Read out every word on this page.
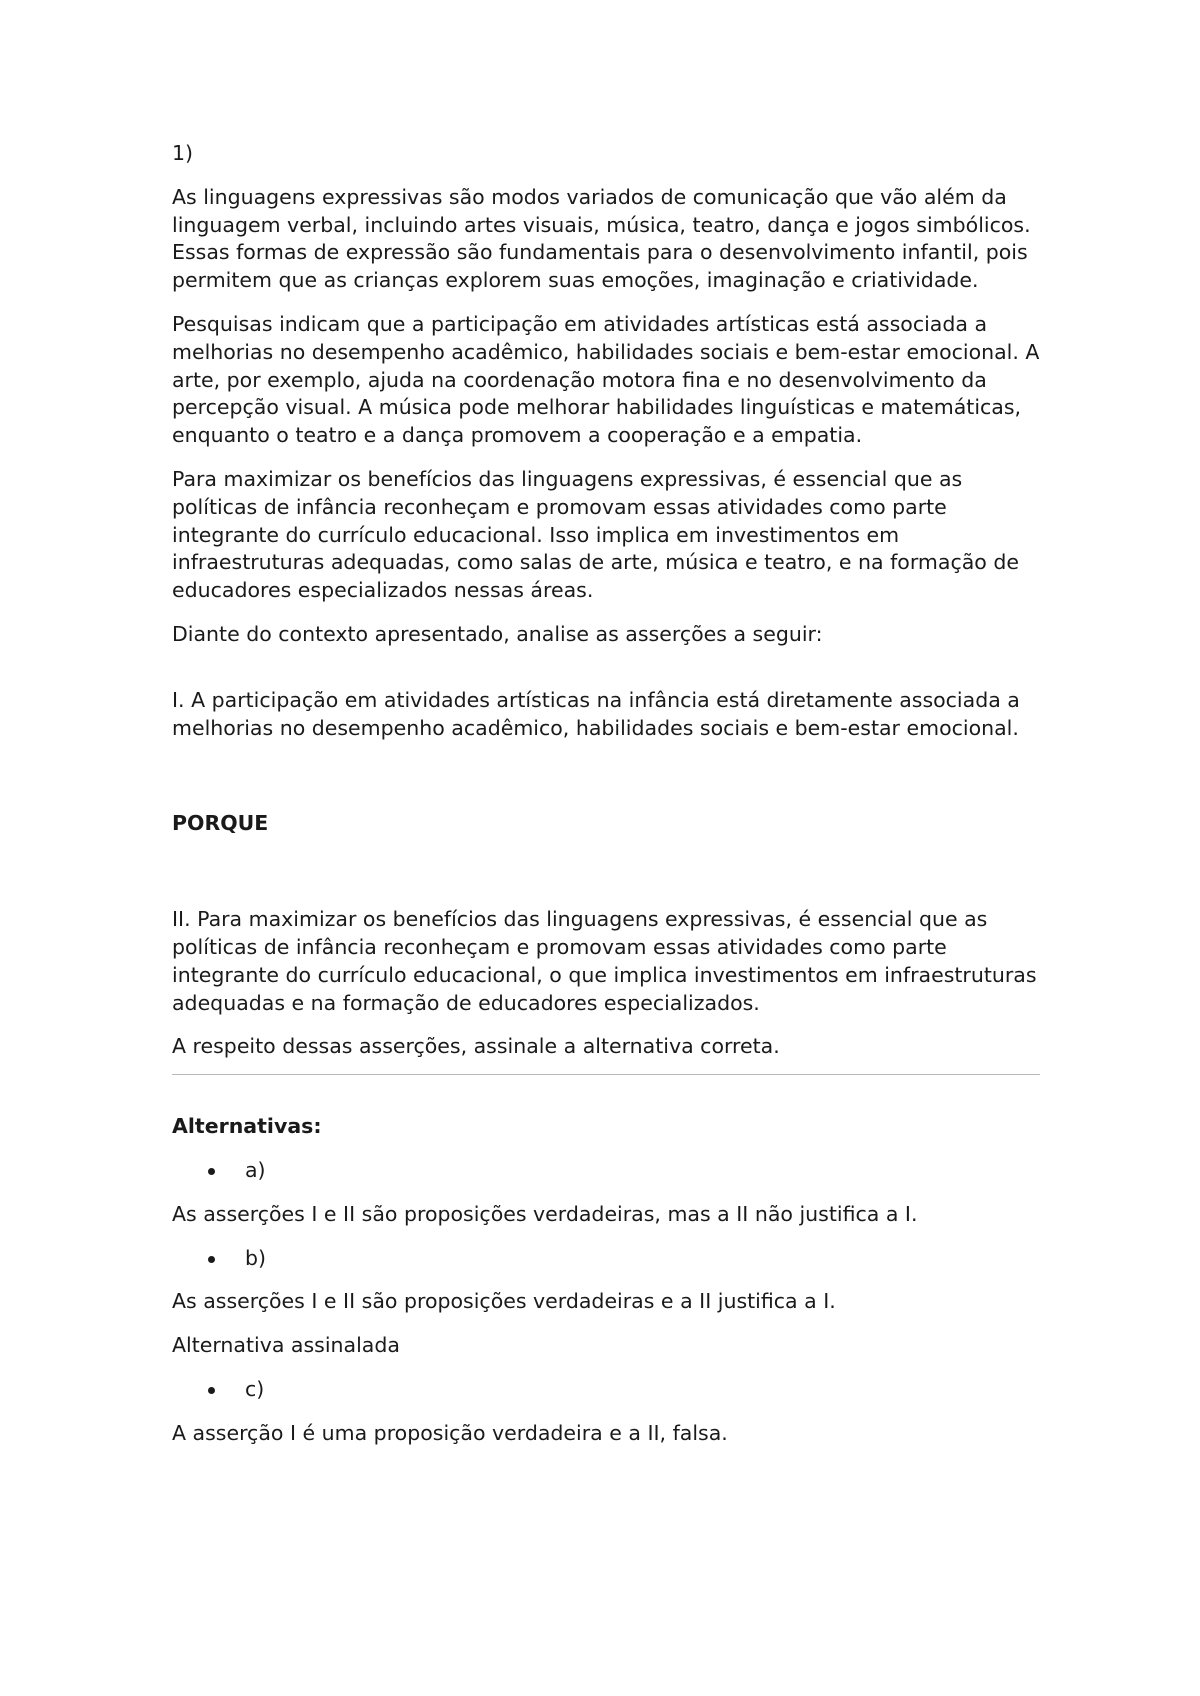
1)

As linguagens expressivas são modos variados de comunicação que vão além da linguagem verbal, incluindo artes visuais, música, teatro, dança e jogos simbólicos. Essas formas de expressão são fundamentais para o desenvolvimento infantil, pois permitem que as crianças explorem suas emoções, imaginação e criatividade.

Pesquisas indicam que a participação em atividades artísticas está associada a melhorias no desempenho acadêmico, habilidades sociais e bem-estar emocional. A arte, por exemplo, ajuda na coordenação motora fina e no desenvolvimento da percepção visual. A música pode melhorar habilidades linguísticas e matemáticas, enquanto o teatro e a dança promovem a cooperação e a empatia.

Para maximizar os benefícios das linguagens expressivas, é essencial que as políticas de infância reconheçam e promovam essas atividades como parte integrante do currículo educacional. Isso implica em investimentos em infraestruturas adequadas, como salas de arte, música e teatro, e na formação de educadores especializados nessas áreas.

Diante do contexto apresentado, analise as asserções a seguir:

I. A participação em atividades artísticas na infância está diretamente associada a melhorias no desempenho acadêmico, habilidades sociais e bem-estar emocional.

PORQUE

II. Para maximizar os benefícios das linguagens expressivas, é essencial que as políticas de infância reconheçam e promovam essas atividades como parte integrante do currículo educacional, o que implica investimentos em infraestruturas adequadas e na formação de educadores especializados.

A respeito dessas asserções, assinale a alternativa correta.

Alternativas:

a)

As asserções I e II são proposições verdadeiras, mas a II não justifica a I.

b)

As asserções I e II são proposições verdadeiras e a II justifica a I.

Alternativa assinalada

c)

A asserção I é uma proposição verdadeira e a II, falsa.
